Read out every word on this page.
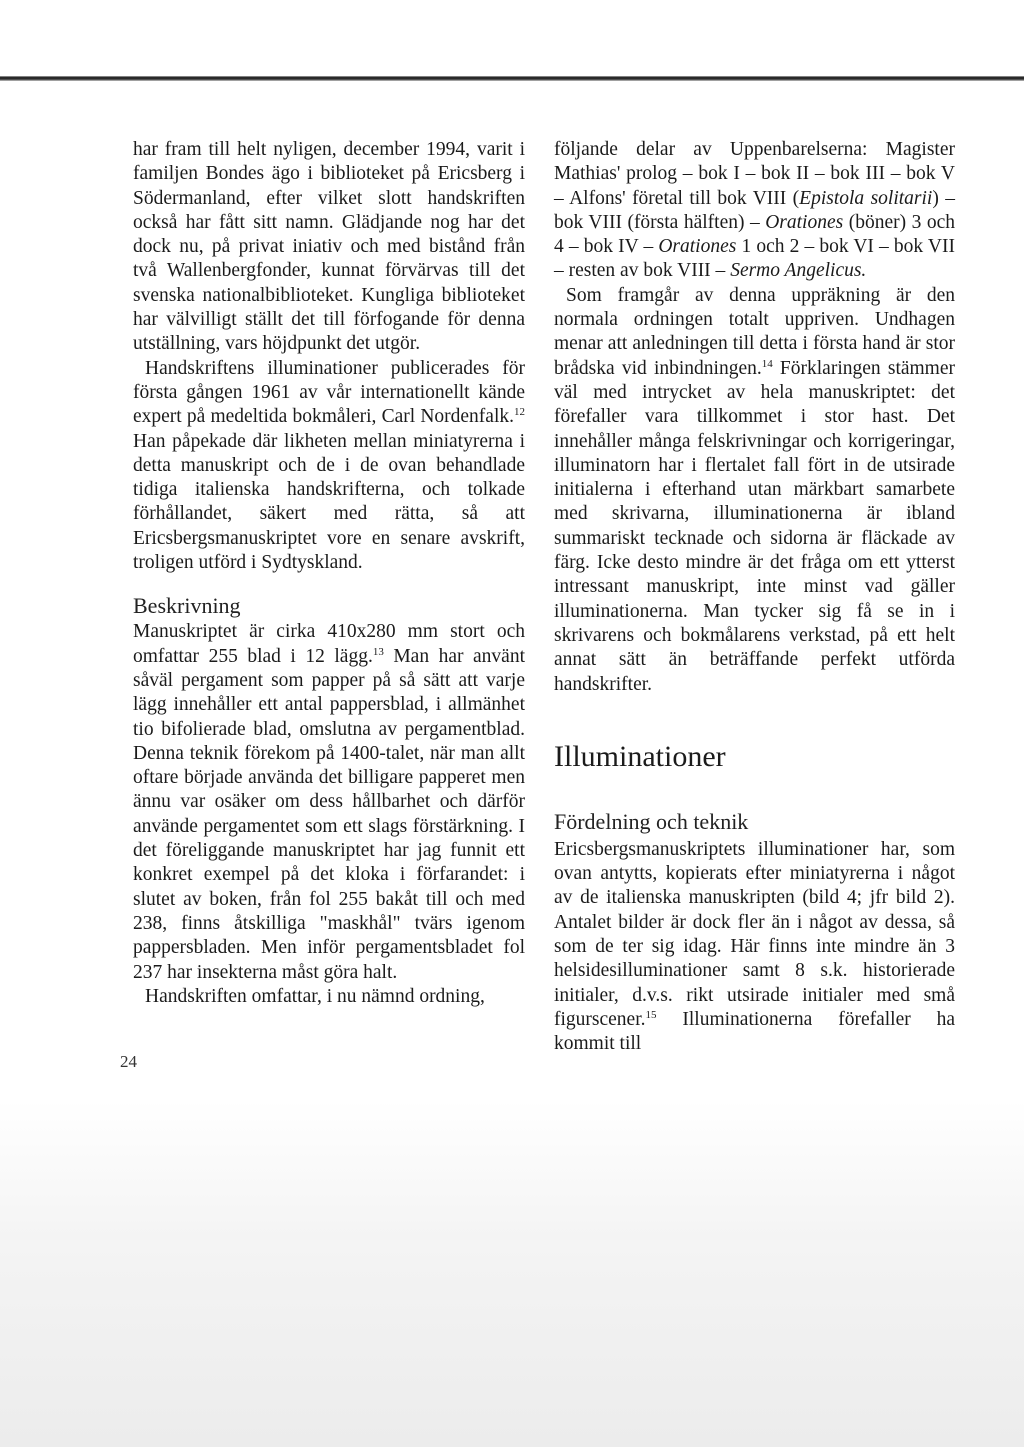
har fram till helt nyligen, december 1994, varit i familjen Bondes ägo i biblioteket på Ericsberg i Södermanland, efter vilket slott handskriften också har fått sitt namn. Glädjande nog har det dock nu, på privat iniativ och med bistånd från två Wallenbergfonder, kunnat förvärvas till det svenska nationalbiblioteket. Kungliga biblioteket har välvilligt ställt det till förfogande för denna utställning, vars höjdpunkt det utgör.

Handskriftens illuminationer publicerades för första gången 1961 av vår internationellt kände expert på medeltida bokmåleri, Carl Nordenfalk.$^{12}$ Han påpekade där likheten mellan miniatyrerna i detta manuskript och de i de ovan behandlade tidiga italienska handskrifterna, och tolkade förhållandet, säkert med rätta, så att Ericsbergsmanuskriptet vore en senare avskrift, troligen utförd i Sydtyskland.

Beskrivning

Manuskriptet är cirka 410x280 mm stort och omfattar 255 blad i 12 lägg.$^{13}$ Man har använt såväl pergament som papper på så sätt att varje lägg innehåller ett antal pappersblad, i allmänhet tio bifolierade blad, omslutna av pergamentblad. Denna teknik förekom på 1400-talet, när man allt oftare började använda det billigare papperet men ännu var osäker om dess hållbarhet och därför använde pergamentet som ett slags förstärkning. I det föreliggande manuskriptet har jag funnit ett konkret exempel på det kloka i förfarandet: i slutet av boken, från fol 255 bakåt till och med 238, finns åtskilliga "maskhål" tvärs igenom pappersbladen. Men inför pergamentsbladet fol 237 har insekterna måst göra halt.

Handskriften omfattar, i nu nämnd ordning,

följande delar av Uppenbarelserna: Magister Mathias' prolog – bok I – bok II – bok III – bok V – Alfons' företal till bok VIII (Epistola solitarii) – bok VIII (första hälften) – Orationes (böner) 3 och 4 – bok IV – Orationes 1 och 2 – bok VI – bok VII – resten av bok VIII – Sermo Angelicus.

Som framgår av denna uppräkning är den normala ordningen totalt uppriven. Undhagen menar att anledningen till detta i första hand är stor brådska vid inbindningen.$^{14}$ Förklaringen stämmer väl med intrycket av hela manuskriptet: det förefaller vara tillkommet i stor hast. Det innehåller många felskrivningar och korrigeringar, illuminatorn har i flertalet fall fört in de utsirade initialerna i efterhand utan märkbart samarbete med skrivarna, illuminationerna är ibland summariskt tecknade och sidorna är fläckade av färg. Icke desto mindre är det fråga om ett ytterst intressant manuskript, inte minst vad gäller illuminationerna. Man tycker sig få se in i skrivarens och bokmålarens verkstad, på ett helt annat sätt än beträffande perfekt utförda handskrifter.

Illuminationer
Fördelning och teknik

Ericsbergsmanuskriptets illuminationer har, som ovan antytts, kopierats efter miniatyrerna i något av de italienska manuskripten (bild 4; jfr bild 2). Antalet bilder är dock fler än i något av dessa, så som de ter sig idag. Här finns inte mindre än 3 helsidesilluminationer samt 8 s.k. historierade initialer, d.v.s. rikt utsirade initialer med små figurscener.$^{15}$ Illuminationerna förefaller ha kommit till

24
